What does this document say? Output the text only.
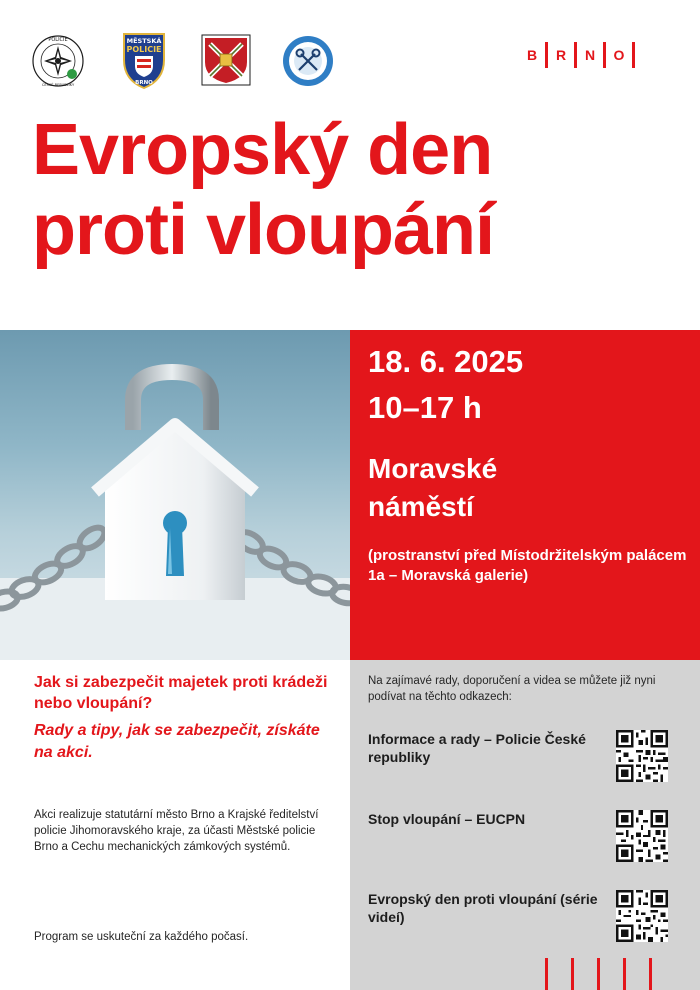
POLICIE
ČESKÉ REPUBLIKY
MĚSTSKÁ
POLICIE
BRNO
B	R	N	O
Evropský den
proti vloupání
18. 6. 2025
10–17 h
Moravské
náměstí
(prostranství před Místodržitelským palácem 1a – Moravská galerie)
Jak si zabezpečit majetek proti krádeži nebo vloupání?
Rady a tipy, jak se zabezpečit, získáte na akci.
Akci realizuje statutární město Brno a Krajské ředitelství policie Jihomoravského kraje, za účasti Městské policie Brno a Cechu mechanických zámkových systémů.
Program se uskuteční za každého počasí.
Na zajímavé rady, doporučení a videa se můžete již nyni podívat na těchto odkazech:
Informace a rady – Policie České republiky
Stop vloupání – EUCPN
Evropský den proti vloupání (série videí)
